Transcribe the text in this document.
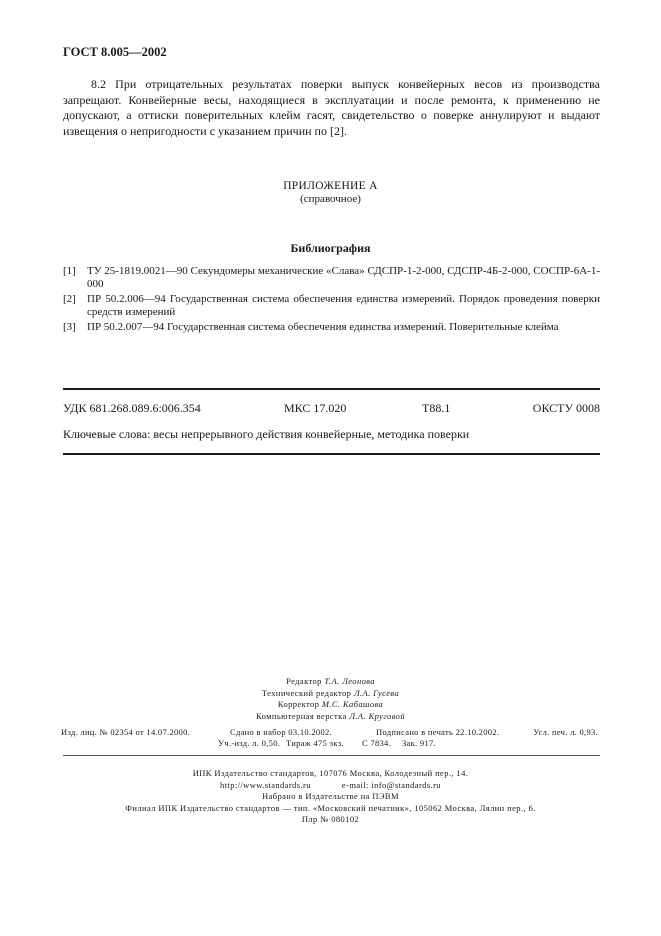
ГОСТ 8.005—2002
8.2 При отрицательных результатах поверки выпуск конвейерных весов из производства запрещают. Конвейерные весы, находящиеся в эксплуатации и после ремонта, к применению не допускают, а оттиски поверительных клейм гасят, свидетельство о поверке аннулируют и выдают извещения о непригодности с указанием причин по [2].
ПРИЛОЖЕНИЕ А
(справочное)
Библиография
[1]	ТУ 25-1819.0021—90 Секундомеры механические «Слава» СДСПР-1-2-000, СДСПР-4Б-2-000, СОСПР-6А-1-000
[2]	ПР 50.2.006—94 Государственная система обеспечения единства измерений. Порядок проведения поверки средств измерений
[3]	ПР 50.2.007—94 Государственная система обеспечения единства измерений. Поверительные клейма
УДК 681.268.089.6:006.354	МКС 17.020	Т88.1	ОКСТУ 0008
Ключевые слова: весы непрерывного действия конвейерные, методика поверки
Редактор Т.А. Леонова
Технический редактор Л.А. Гусева
Корректор М.С. Кабашова
Компьютерная верстка Л.А. Круговой
Изд. лиц. № 02354 от 14.07.2000.	Сдано в набор 03.10.2002.	Подписано в печать 22.10.2002.	Усл. печ. л. 0,93.
Уч.-изд. л. 0,50. Тираж 475 экз. С 7834. Зак. 917.
ИПК Издательство стандартов, 107076 Москва, Колодезный пер., 14.
http://www.standards.ru	e-mail: info@standards.ru
Набрано в Издательстве на ПЭВМ
Филиал ИПК Издательство стандартов — тип. «Московский печатник», 105062 Москва, Лялин пер., 6.
Плр № 080102
